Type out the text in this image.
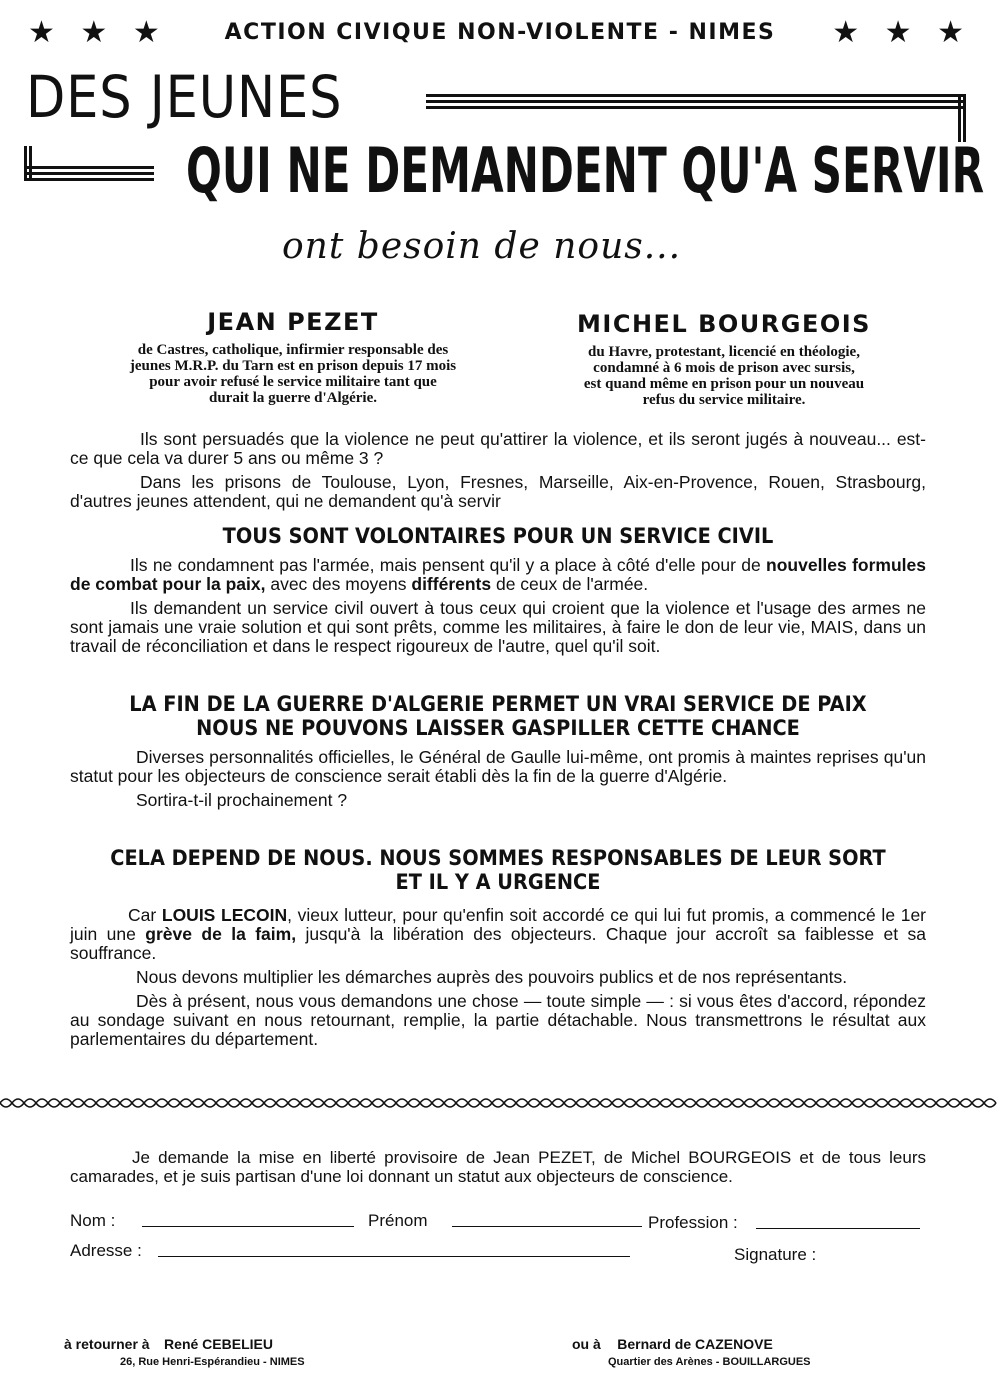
★ ★ ★	ACTION CIVIQUE NON-VIOLENTE - NIMES ★ ★ ★
DES JEUNES
QUI NE DEMANDENT QU'A SERVIR
ont besoin de nous...
JEAN PEZET
de Castres, catholique, infirmier responsable des
jeunes M.R.P. du Tarn est en prison depuis 17 mois
pour avoir refusé le service militaire tant que
durait la guerre d'Algérie.
MICHEL BOURGEOIS
du Havre, protestant, licencié en théologie,
condamné à 6 mois de prison avec sursis,
est quand même en prison pour un nouveau
refus du service militaire.

Ils sont persuadés que la violence ne peut qu'attirer la violence, et ils seront jugés à nouveau... est-ce que cela va durer 5 ans ou même 3 ?

Dans les prisons de Toulouse, Lyon, Fresnes, Marseille, Aix-en-Provence, Rouen, Strasbourg, d'autres jeunes attendent, qui ne demandent qu'à servir

TOUS SONT VOLONTAIRES POUR UN SERVICE CIVIL

Ils ne condamnent pas l'armée, mais pensent qu'il y a place à côté d'elle pour de nouvelles formules de combat pour la paix, avec des moyens différents de ceux de l'armée.

Ils demandent un service civil ouvert à tous ceux qui croient que la violence et l'usage des armes ne sont jamais une vraie solution et qui sont prêts, comme les militaires, à faire le don de leur vie, MAIS, dans un travail de réconciliation et dans le respect rigoureux de l'autre, quel qu'il soit.

LA FIN DE LA GUERRE D'ALGERIE PERMET UN VRAI SERVICE DE PAIX
NOUS NE POUVONS LAISSER GASPILLER CETTE CHANCE

Diverses personnalités officielles, le Général de Gaulle lui-même, ont promis à maintes reprises qu'un statut pour les objecteurs de conscience serait établi dès la fin de la guerre d'Algérie.

Sortira-t-il prochainement ?

CELA DEPEND DE NOUS. NOUS SOMMES RESPONSABLES DE LEUR SORT
ET IL Y A URGENCE

Car LOUIS LECOIN, vieux lutteur, pour qu'enfin soit accordé ce qui lui fut promis, a commencé le 1er juin une grève de la faim, jusqu'à la libération des objecteurs. Chaque jour accroît sa faiblesse et sa souffrance.

Nous devons multiplier les démarches auprès des pouvoirs publics et de nos représentants.

Dès à présent, nous vous demandons une chose — toute simple — : si vous êtes d'accord, répondez au sondage suivant en nous retournant, remplie, la partie détachable. Nous transmettrons le résultat aux parlementaires du département.

Je demande la mise en liberté provisoire de Jean PEZET, de Michel BOURGEOIS et de tous leurs camarades, et je suis partisan d'une loi donnant un statut aux objecteurs de conscience.

Nom :	Prénom	Profession :
Adresse :	Signature :
à retourner à René CEBELIEU
26, Rue Henri-Espérandieu - NIMES
ou à Bernard de CAZENOVE
Quartier des Arènes - BOUILLARGUES
